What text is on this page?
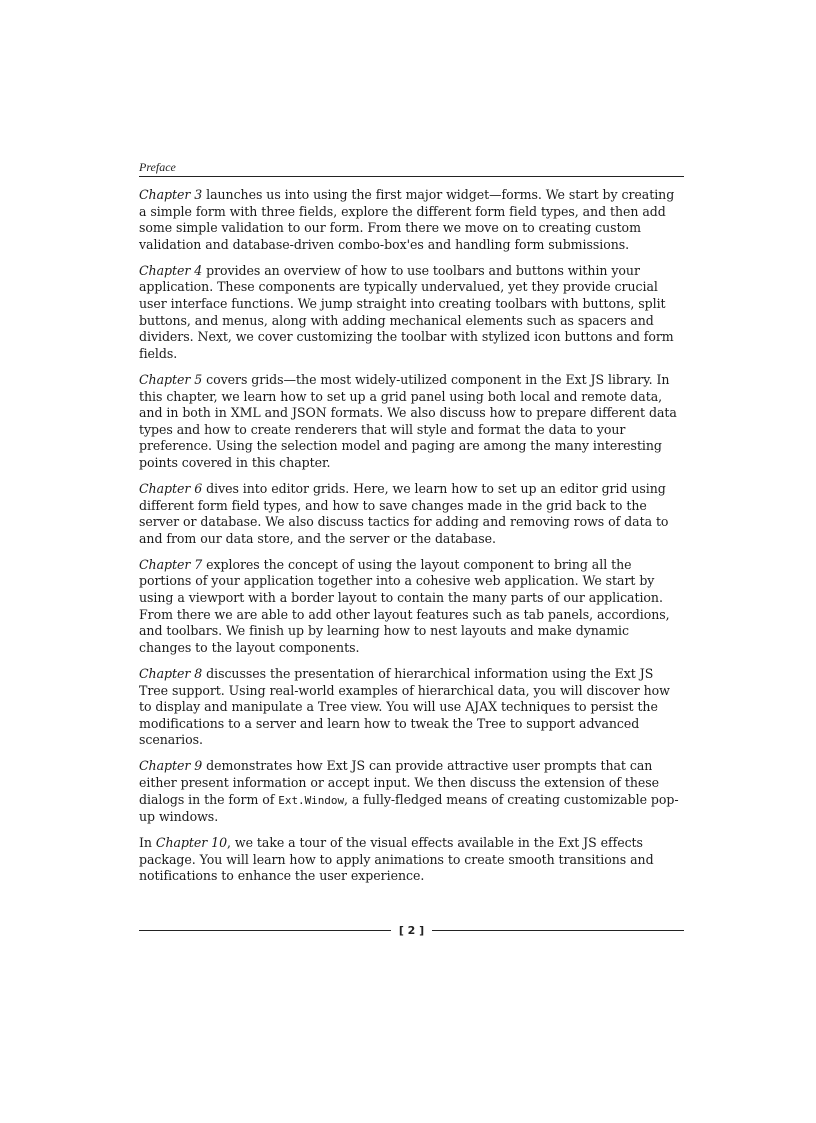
Preface

Chapter 3 launches us into using the first major widget—forms. We start by creating a simple form with three fields, explore the different form field types, and then add some simple validation to our form. From there we move on to creating custom validation and database-driven combo-box'es and handling form submissions.

Chapter 4 provides an overview of how to use toolbars and buttons within your application. These components are typically undervalued, yet they provide crucial user interface functions. We jump straight into creating toolbars with buttons, split buttons, and menus, along with adding mechanical elements such as spacers and dividers. Next, we cover customizing the toolbar with stylized icon buttons and form fields.

Chapter 5 covers grids—the most widely-utilized component in the Ext JS library. In this chapter, we learn how to set up a grid panel using both local and remote data, and in both in XML and JSON formats. We also discuss how to prepare different data types and how to create renderers that will style and format the data to your preference. Using the selection model and paging are among the many interesting points covered in this chapter.

Chapter 6 dives into editor grids. Here, we learn how to set up an editor grid using different form field types, and how to save changes made in the grid back to the server or database. We also discuss tactics for adding and removing rows of data to and from our data store, and the server or the database.

Chapter 7 explores the concept of using the layout component to bring all the portions of your application together into a cohesive web application. We start by using a viewport with a border layout to contain the many parts of our application. From there we are able to add other layout features such as tab panels, accordions, and toolbars. We finish up by learning how to nest layouts and make dynamic changes to the layout components.

Chapter 8 discusses the presentation of hierarchical information using the Ext JS Tree support. Using real-world examples of hierarchical data, you will discover how to display and manipulate a Tree view. You will use AJAX techniques to persist the modifications to a server and learn how to tweak the Tree to support advanced scenarios.

Chapter 9 demonstrates how Ext JS can provide attractive user prompts that can either present information or accept input. We then discuss the extension of these dialogs in the form of Ext.Window, a fully-fledged means of creating customizable pop-up windows.

In Chapter 10, we take a tour of the visual effects available in the Ext JS effects package. You will learn how to apply animations to create smooth transitions and notifications to enhance the user experience.

[ 2 ]
